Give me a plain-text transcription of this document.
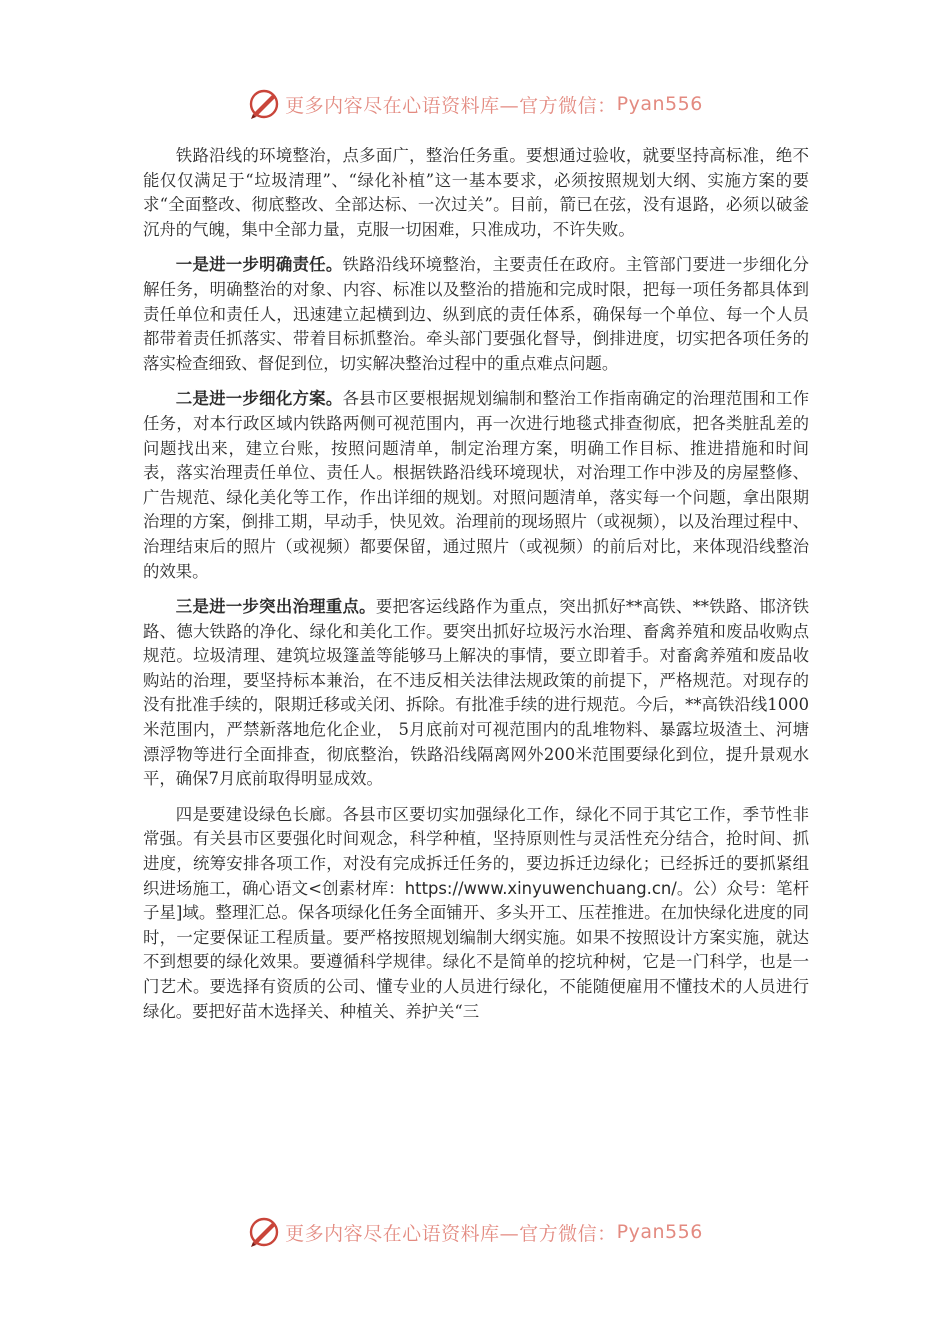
更多内容尽在心语资料库—官方微信： Pyan556

铁路沿线的环境整治，点多面广，整治任务重。要想通过验收，就要坚持高标准，绝不能仅仅满足于“垃圾清理”、“绿化补植”这一基本要求，必须按照规划大纲、实施方案的要求“全面整改、彻底整改、全部达标、一次过关”。目前，箭已在弦，没有退路，必须以破釜沉舟的气魄，集中全部力量，克服一切困难，只准成功，不许失败。

一是进一步明确责任。铁路沿线环境整治，主要责任在政府。主管部门要进一步细化分解任务，明确整治的对象、内容、标准以及整治的措施和完成时限，把每一项任务都具体到责任单位和责任人，迅速建立起横到边、纵到底的责任体系，确保每一个单位、每一个人员都带着责任抓落实、带着目标抓整治。牵头部门要强化督导，倒排进度，切实把各项任务的落实检查细致、督促到位，切实解决整治过程中的重点难点问题。

二是进一步细化方案。各县市区要根据规划编制和整治工作指南确定的治理范围和工作任务，对本行政区域内铁路两侧可视范围内，再一次进行地毯式排查彻底，把各类脏乱差的问题找出来，建立台账，按照问题清单，制定治理方案，明确工作目标、推进措施和时间表，落实治理责任单位、责任人。根据铁路沿线环境现状，对治理工作中涉及的房屋整修、广告规范、绿化美化等工作，作出详细的规划。对照问题清单，落实每一个问题，拿出限期治理的方案，倒排工期，早动手，快见效。治理前的现场照片（或视频），以及治理过程中、治理结束后的照片（或视频）都要保留，通过照片（或视频）的前后对比，来体现沿线整治的效果。

三是进一步突出治理重点。要把客运线路作为重点，突出抓好**高铁、**铁路、邯济铁路、德大铁路的净化、绿化和美化工作。要突出抓好垃圾污水治理、畜禽养殖和废品收购点规范。垃圾清理、建筑垃圾篷盖等能够马上解决的事情，要立即着手。对畜禽养殖和废品收购站的治理，要坚持标本兼治，在不违反相关法律法规政策的前提下，严格规范。对现存的没有批准手续的，限期迁移或关闭、拆除。有批准手续的进行规范。今后，**高铁沿线1000米范围内，严禁新落地危化企业， 5月底前对可视范围内的乱堆物料、暴露垃圾渣土、河塘漂浮物等进行全面排查，彻底整治，铁路沿线隔离网外200米范围要绿化到位，提升景观水平，确保7月底前取得明显成效。

四是要建设绿色长廊。各县市区要切实加强绿化工作，绿化不同于其它工作，季节性非常强。有关县市区要强化时间观念，科学种植，坚持原则性与灵活性充分结合，抢时间、抓进度，统筹安排各项工作，对没有完成拆迁任务的，要边拆迁边绿化；已经拆迁的要抓紧组织进场施工，确心语文<创素材库：https://www.xinyuwenchuang.cn/。公）众号：笔杆子星]域。整理汇总。保各项绿化任务全面铺开、多头开工、压茬推进。在加快绿化进度的同时，一定要保证工程质量。要严格按照规划编制大纲实施。如果不按照设计方案实施，就达不到想要的绿化效果。要遵循科学规律。绿化不是简单的挖坑种树，它是一门科学，也是一门艺术。要选择有资质的公司、懂专业的人员进行绿化，不能随便雇用不懂技术的人员进行绿化。要把好苗木选择关、种植关、养护关“三

更多内容尽在心语资料库—官方微信： Pyan556
